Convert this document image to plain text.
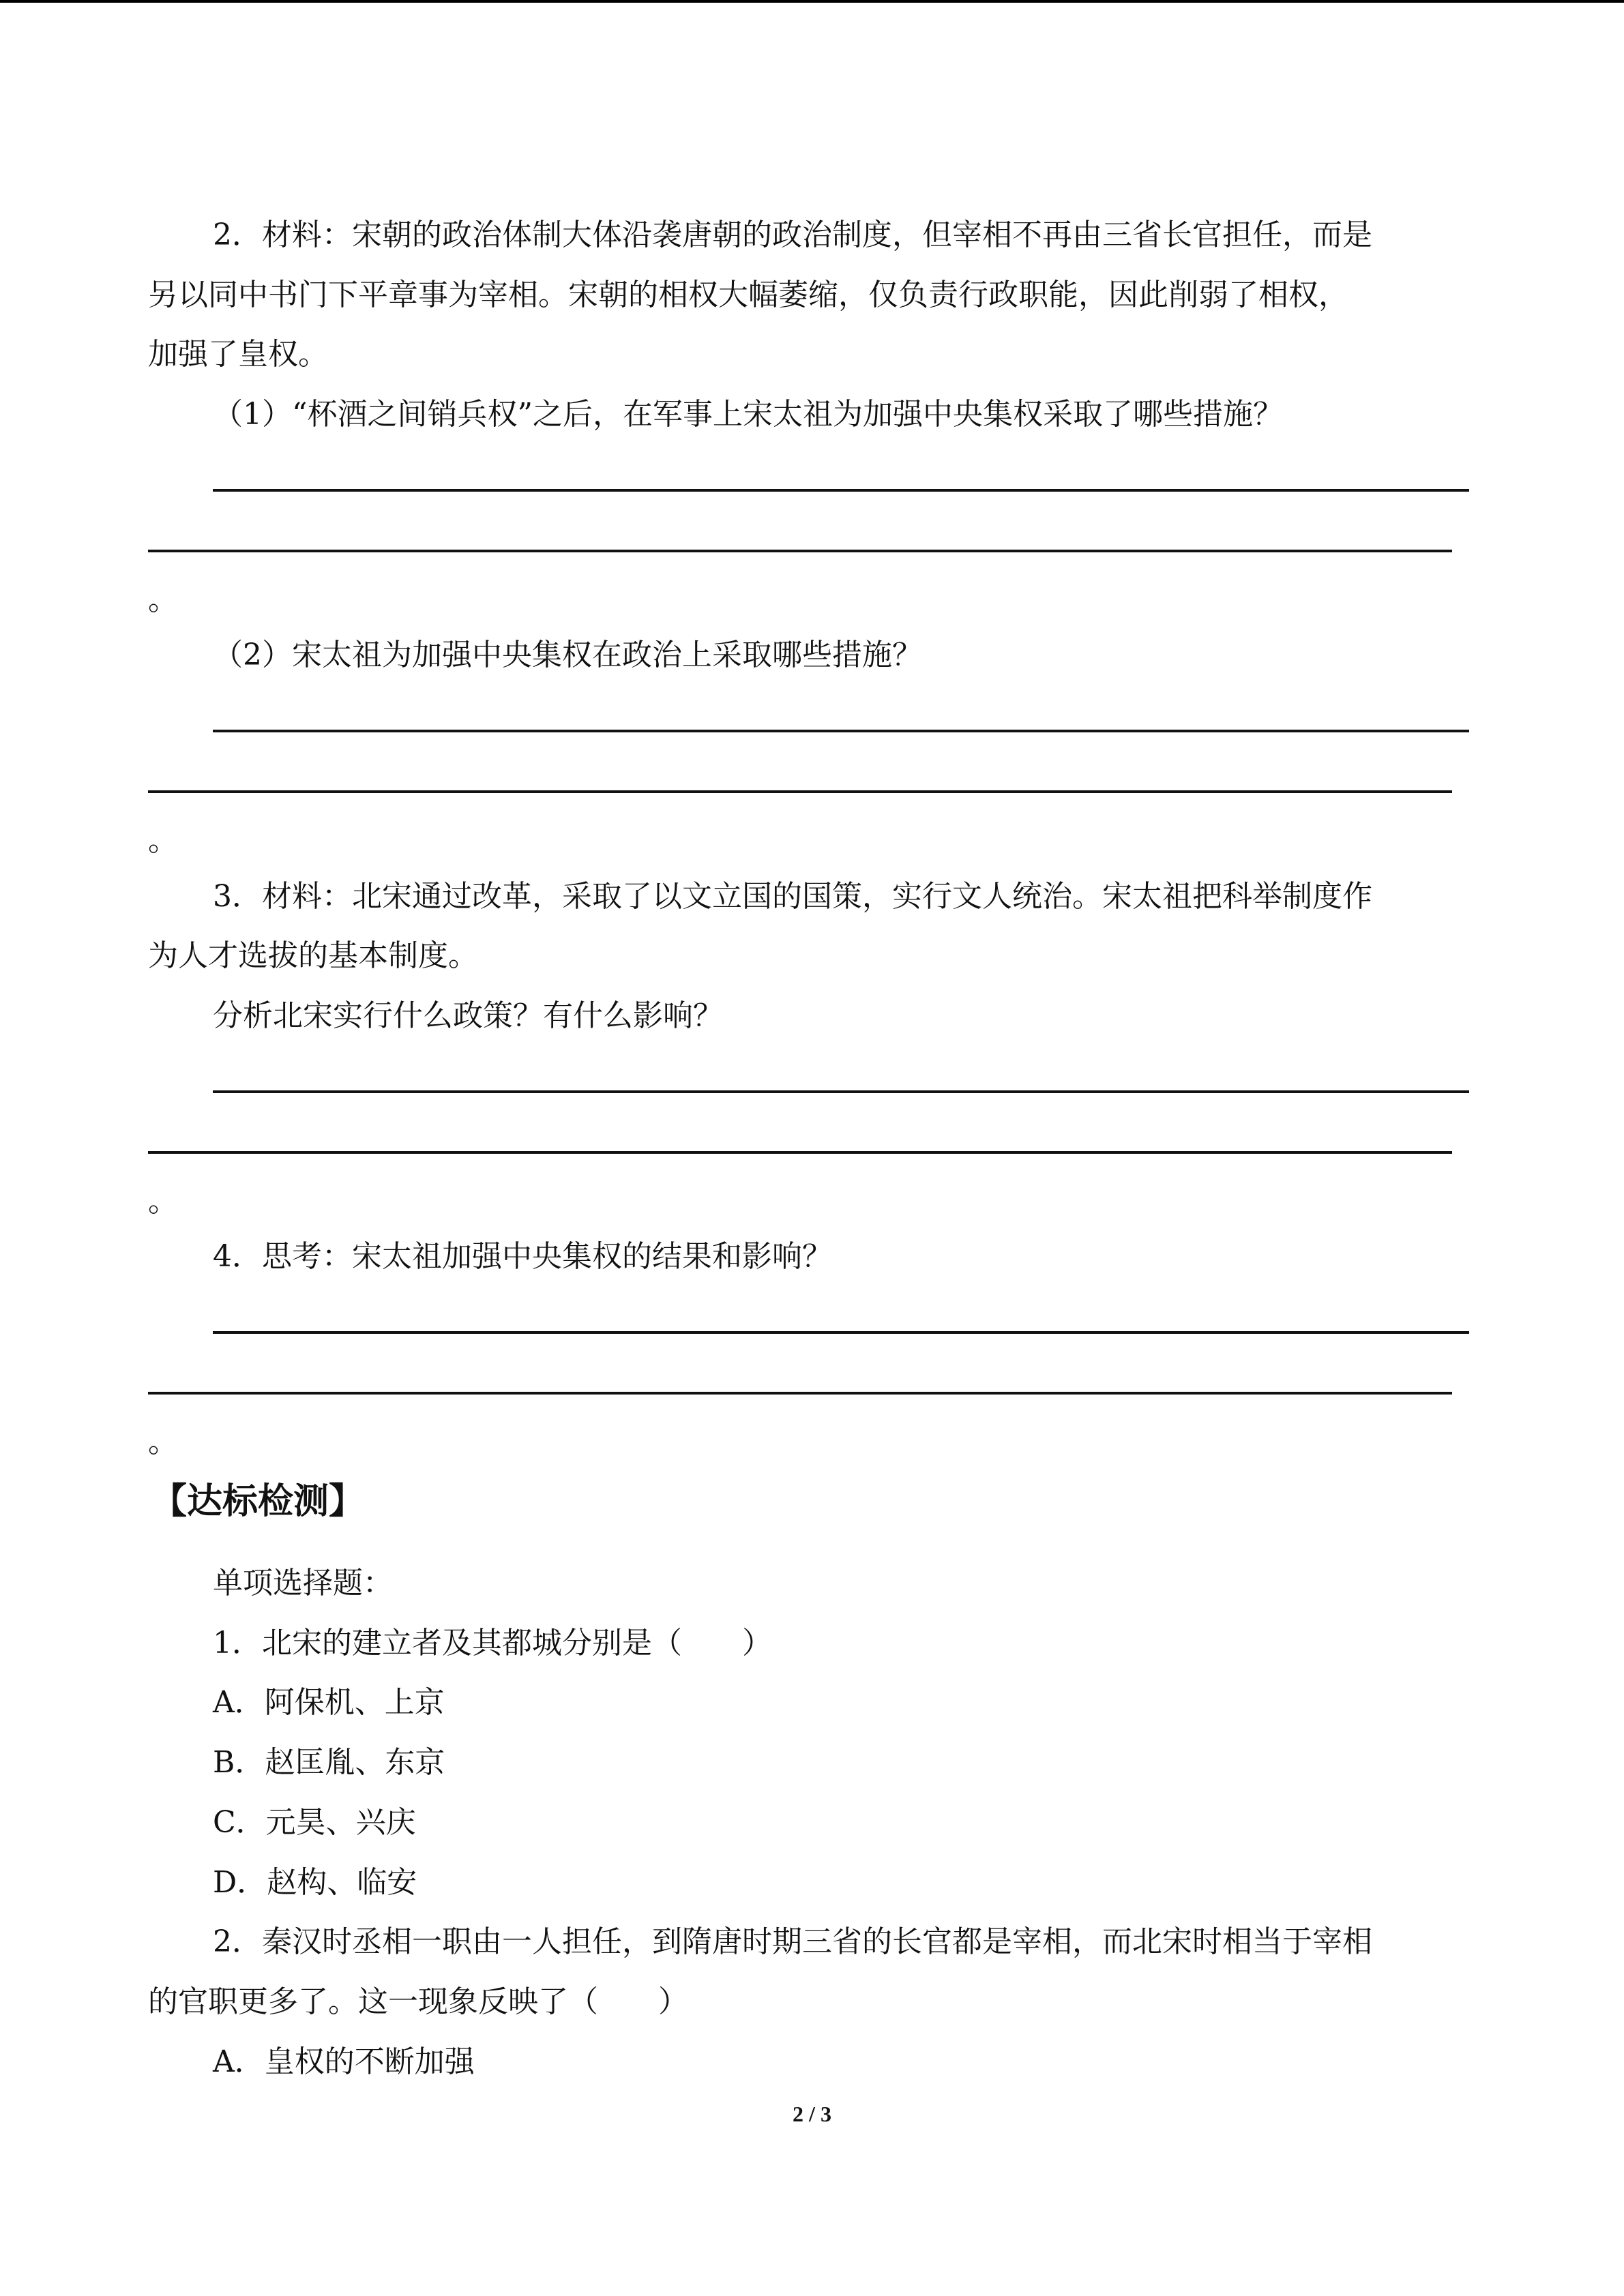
2．材料：宋朝的政治体制大体沿袭唐朝的政治制度，但宰相不再由三省长官担任，而是
另以同中书门下平章事为宰相。宋朝的相权大幅萎缩，仅负责行政职能，因此削弱了相权，
加强了皇权。
（1）“杯酒之间销兵权”之后，在军事上宋太祖为加强中央集权采取了哪些措施？
。
（2）宋太祖为加强中央集权在政治上采取哪些措施？
。
3．材料：北宋通过改革，采取了以文立国的国策，实行文人统治。宋太祖把科举制度作
为人才选拔的基本制度。
分析北宋实行什么政策？有什么影响？
。
4．思考：宋太祖加强中央集权的结果和影响？
。
【达标检测】
单项选择题：
1．北宋的建立者及其都城分别是（　　）
A．阿保机、上京
B．赵匡胤、东京
C．元昊、兴庆
D．赵构、临安
2．秦汉时丞相一职由一人担任，到隋唐时期三省的长官都是宰相，而北宋时相当于宰相
的官职更多了。这一现象反映了（　　）
A．皇权的不断加强
2 / 3
